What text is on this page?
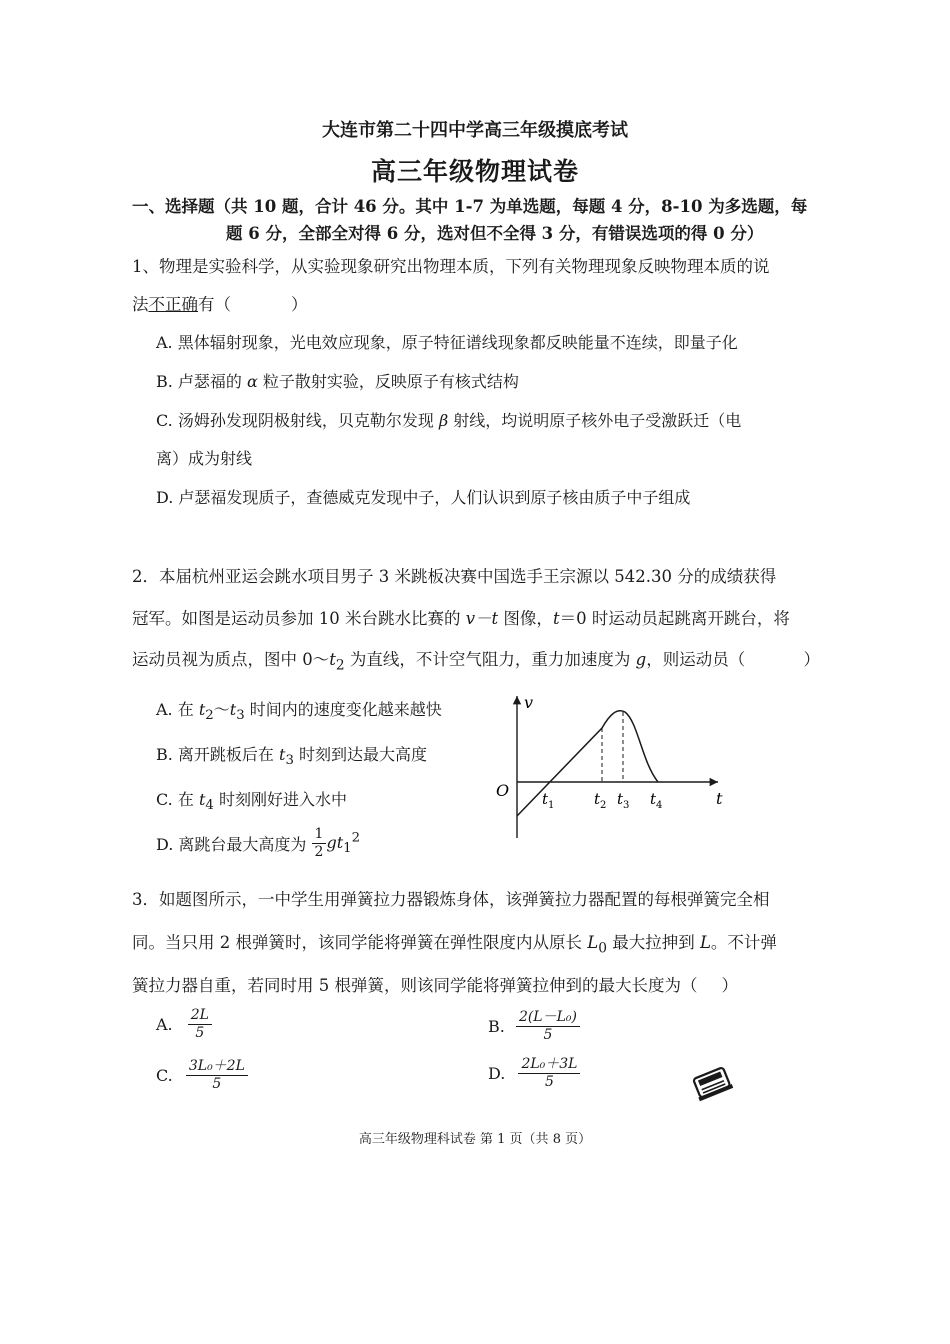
大连市第二十四中学高三年级摸底考试
高三年级物理试卷
一、选择题（共 10 题，合计 46 分。其中 1-7 为单选题，每题 4 分，8-10 为多选题，每
题 6 分，全部全对得 6 分，选对但不全得 3 分，有错误选项的得 0 分）
1、物理是实验科学，从实验现象研究出物理本质，下列有关物理现象反映物理本质的说
法不正确有（	）
A. 黑体辐射现象，光电效应现象，原子特征谱线现象都反映能量不连续，即量子化
B. 卢瑟福的 α 粒子散射实验，反映原子有核式结构
C. 汤姆孙发现阴极射线，贝克勒尔发现 β 射线，均说明原子核外电子受激跃迁（电
离）成为射线
D. 卢瑟福发现质子，查德威克发现中子，人们认识到原子核由质子中子组成
2．本届杭州亚运会跳水项目男子 3 米跳板决赛中国选手王宗源以 542.30 分的成绩获得
冠军。如图是运动员参加 10 米台跳水比赛的 v－t 图像，t＝0 时运动员起跳离开跳台，将
运动员视为质点，图中 $0\sim t_2$ 为直线，不计空气阻力，重力加速度为 g，则运动员（	）
A. 在 $t_2\sim t_3$ 时间内的速度变化越来越快
B. 离开跳板后在 $t_3$ 时刻到达最大高度
C. 在 $t_4$ 时刻刚好进入水中
D. 离跳台最大高度为 $\frac{1}{2} gt_1^2$
v
t
O $t_1$	$t_2$ $t_3$ $t_4$
3．如题图所示，一中学生用弹簧拉力器锻炼身体，该弹簧拉力器配置的每根弹簧完全相
同。当只用 2 根弹簧时，该同学能将弹簧在弹性限度内从原长 $L_0$ 最大拉抻到 L。不计弹
簧拉力器自重，若同时用 5 根弹簧，则该同学能将弹簧拉伸到的最大长度为（ ）
A. $\frac{2L}{5}$	B. $\frac{\text{2(L－L₀)}}{5}$
C. $\frac{\text{3L₀＋2L}}{5}$	D. $\frac{\text{2L₀＋3L}}{5}$
高三年级物理科试卷 第 1 页（共 8 页）
